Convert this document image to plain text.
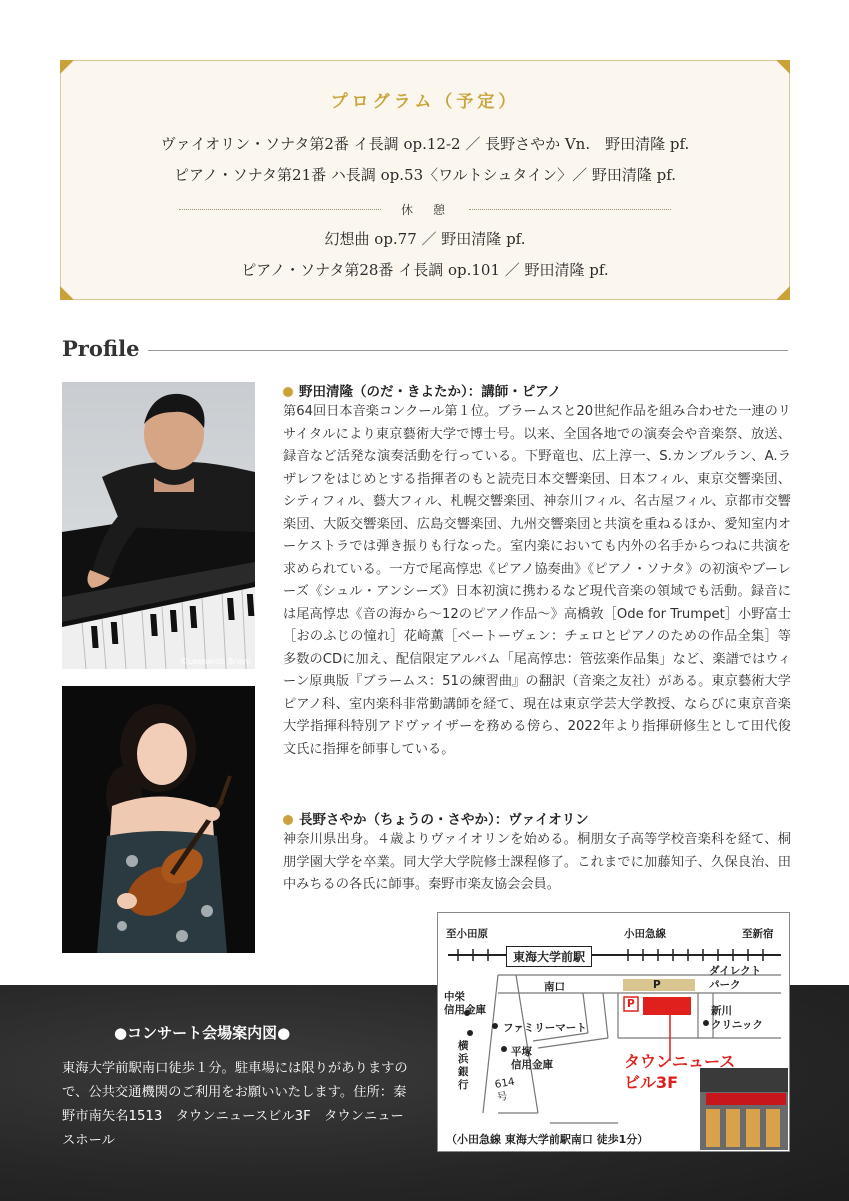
プログラム（予定）
ヴァイオリン・ソナタ第2番 イ長調 op.12-2 ／ 長野さやか Vn.　野田清隆 pf.
ピアノ・ソナタ第21番 ハ長調 op.53〈ワルトシュタイン〉／ 野田清隆 pf.
休　憩
幻想曲 op.77 ／ 野田清隆 pf.
ピアノ・ソナタ第28番 イ長調 op.101 ／ 野田清隆 pf.
Profile
©Leonardo Bravo
野田清隆（のだ・きよたか）：講師・ピアノ
第64回日本音楽コンクール第１位。ブラームスと20世紀作品を組み合わせた一連のリサイタルにより東京藝術大学で博士号。以来、全国各地での演奏会や音楽祭、放送、録音など活発な演奏活動を行っている。下野竜也、広上淳一、S.カンブルラン、A.ラザレフをはじめとする指揮者のもと読売日本交響楽団、日本フィル、東京交響楽団、シティフィル、藝大フィル、札幌交響楽団、神奈川フィル、名古屋フィル、京都市交響楽団、大阪交響楽団、広島交響楽団、九州交響楽団と共演を重ねるほか、愛知室内オーケストラでは弾き振りも行なった。室内楽においても内外の名手からつねに共演を求められている。一方で尾高惇忠《ピアノ協奏曲》《ピアノ・ソナタ》の初演やブーレーズ《シュル・アンシーズ》日本初演に携わるなど現代音楽の領域でも活動。録音には尾高惇忠《音の海から～12のピアノ作品～》高橋敦［Ode for Trumpet］小野富士［おのふじの憧れ］花崎薫［ベートーヴェン：チェロとピアノのための作品全集］等多数のCDに加え、配信限定アルバム「尾高惇忠：管弦楽作品集」など、楽譜ではウィーン原典版『ブラームス：51の練習曲』の翻訳（音楽之友社）がある。東京藝術大学ピアノ科、室内楽科非常勤講師を経て、現在は東京学芸大学教授、ならびに東京音楽大学指揮科特別アドヴァイザーを務める傍ら、2022年より指揮研修生として田代俊文氏に指揮を師事している。
長野さやか（ちょうの・さやか）：ヴァイオリン
神奈川県出身。４歳よりヴァイオリンを始める。桐朋女子高等学校音楽科を経て、桐朋学園大学を卒業。同大学大学院修士課程修了。これまでに加藤知子、久保良治、田中みちるの各氏に師事。秦野市楽友協会会員。
●コンサート会場案内図●
東海大学前駅南口徒歩１分。駐車場には限りがありますので、公共交通機関のご利用をお願いいたします。住所：秦野市南矢名1513　タウンニュースビル3F　タウンニュースホール
至小田原	小田急線	至新宿
東海大学前駅
南口
ダイレクト
パーク
P
P
中栄
信用金庫
ファミリーマート
横浜銀行
平塚
信用金庫
614号
新川
クリニック
タウンニュース
ビル3F
（小田急線 東海大学前駅南口 徒歩1分）
